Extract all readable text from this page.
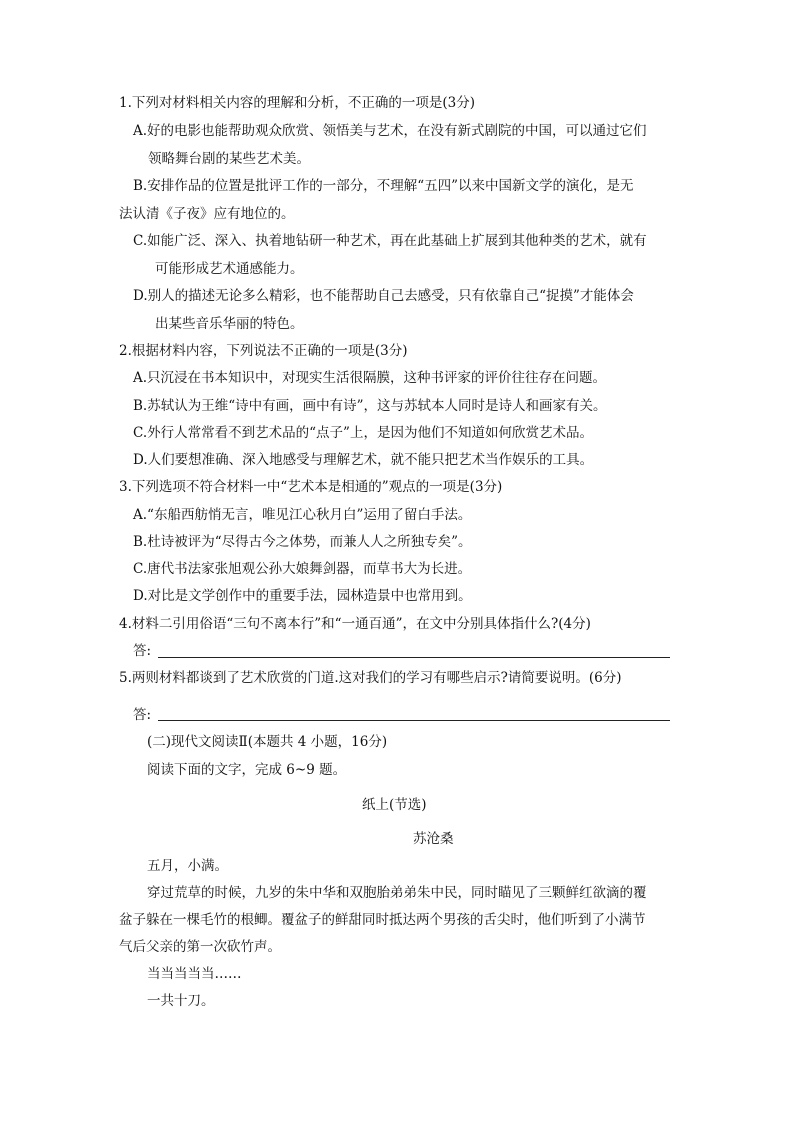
1.下列对材料相关内容的理解和分析，不正确的一项是(3分)
A.好的电影也能帮助观众欣赏、领悟美与艺术，在没有新式剧院的中国，可以通过它们
领略舞台剧的某些艺术美。
B.安排作品的位置是批评工作的一部分，不理解“五四”以来中国新文学的演化，是无
法认清《子夜》应有地位的。
C.如能广泛、深入、执着地钻研一种艺术，再在此基础上扩展到其他种类的艺术，就有
可能形成艺术通感能力。
D.别人的描述无论多么精彩，也不能帮助自己去感受，只有依靠自己“捉摸”才能体会
出某些音乐华丽的特色。
2.根据材料内容，下列说法不正确的一项是(3分)
A.只沉浸在书本知识中，对现实生活很隔膜，这种书评家的评价往往存在问题。
B.苏轼认为王维“诗中有画，画中有诗”，这与苏轼本人同时是诗人和画家有关。
C.外行人常常看不到艺术品的“点子”上，是因为他们不知道如何欣赏艺术品。
D.人们要想准确、深入地感受与理解艺术，就不能只把艺术当作娱乐的工具。
3.下列选项不符合材料一中“艺术本是相通的”观点的一项是(3分)
A.“东船西舫悄无言，唯见江心秋月白”运用了留白手法。
B.杜诗被评为“尽得古今之体势，而兼人人之所独专矣”。
C.唐代书法家张旭观公孙大娘舞剑器，而草书大为长进。
D.对比是文学创作中的重要手法，园林造景中也常用到。
4.材料二引用俗语“三句不离本行”和“一通百通”，在文中分别具体指什么?(4分)
答:
5.两则材料都谈到了艺术欣赏的门道.这对我们的学习有哪些启示?请简要说明。(6分)
答:
(二)现代文阅读Ⅱ(本题共 4 小题，16分)
阅读下面的文字，完成 6~9 题。
纸上(节选)
苏沧桑
五月，小满。
穿过荒草的时候，九岁的朱中华和双胞胎弟弟朱中民，同时瞄见了三颗鲜红欲滴的覆
盆子躲在一棵毛竹的根鲫。覆盆子的鲜甜同时抵达两个男孩的舌尖时，他们听到了小满节
气后父亲的第一次砍竹声。
当当当当当……
一共十刀。
